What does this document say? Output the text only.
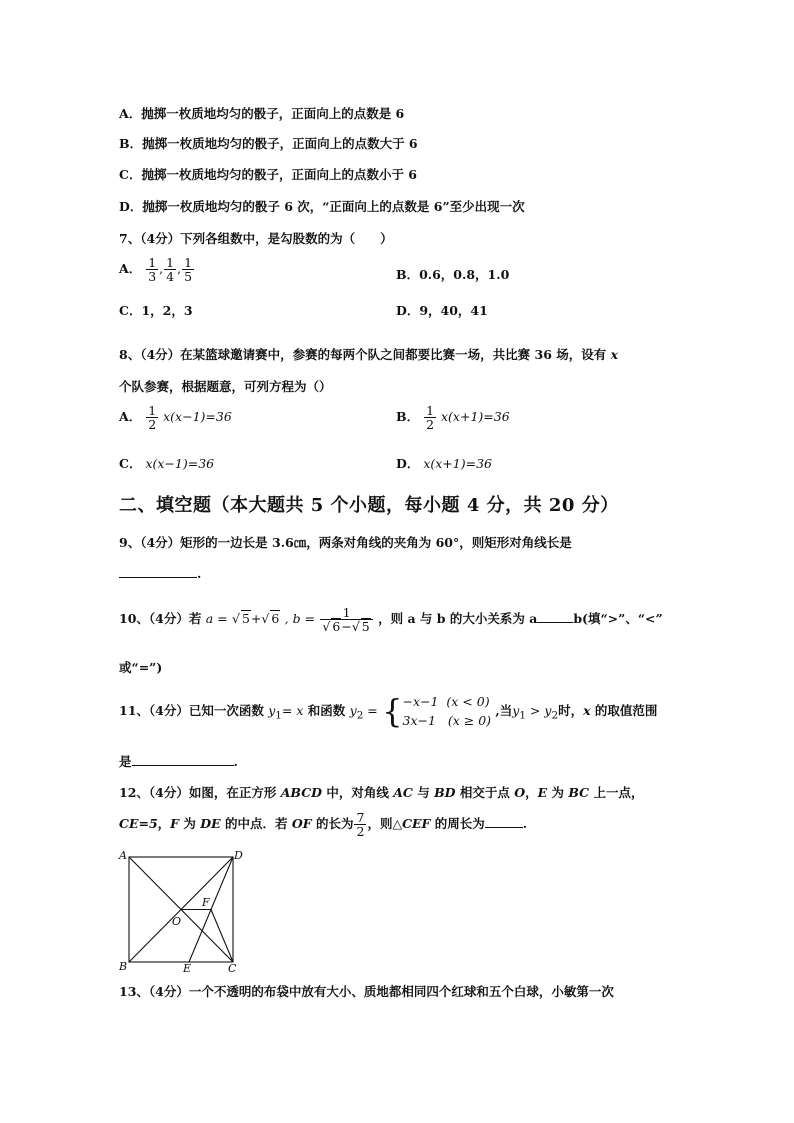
A．抛掷一枚质地均匀的骰子，正面向上的点数是 6
B．抛掷一枚质地均匀的骰子，正面向上的点数大于 6
C．抛掷一枚质地均匀的骰子，正面向上的点数小于 6
D．抛掷一枚质地均匀的骰子 6 次，“正面向上的点数是 6”至少出现一次
7、（4分）下列各组数中，是勾股数的为（　　）
A． $\frac{1}{3}$ , $\frac{1}{4}$ , $\frac{1}{5}$	B．0.6，0.8，1.0
C．1，2，3	D．9，40，41
8、（4分）在某篮球邀请赛中，参赛的每两个队之间都要比赛一场，共比赛 36 场，设有 x
个队参赛，根据题意，可列方程为（）
A． $\frac{1}{2} x(x-1)=36$	B． $\frac{1}{2} x(x+1)=36$
C． x(x−1)=36	D． x(x+1)=36
二、填空题（本大题共 5 个小题，每小题 4 分，共 20 分）
9、（4分）矩形的一边长是 3.6㎝，两条对角线的夹角为 60°，则矩形对角线长是
.
10、（4分）若 a = √ 5+√ 6 , $b = \frac{1}{√ 6-√ 5}$ ，则 a 与 b 的大小关系为 a	b(填“>”、“<”
或“=”)
11、（4分）已知一次函数 $y_1= x$ 和函数 $y_2$ = { −x−1 (x < 0)
3x−1 (x ≥ 0)
,当$y_1 > y_2$时，x 的取值范围
是	.
12、（4分）如图，在正方形 ABCD 中，对角线 AC 与 BD 相交于点 O，E 为 BC 上一点，
CE=5，F 为 DE 的中点．若 OF 的长为 $\frac{7}{2}$ ，则△CEF 的周长为	.
A	D
B	C
E
F
O
13、（4分）一个不透明的布袋中放有大小、质地都相同四个红球和五个白球，小敏第一次
